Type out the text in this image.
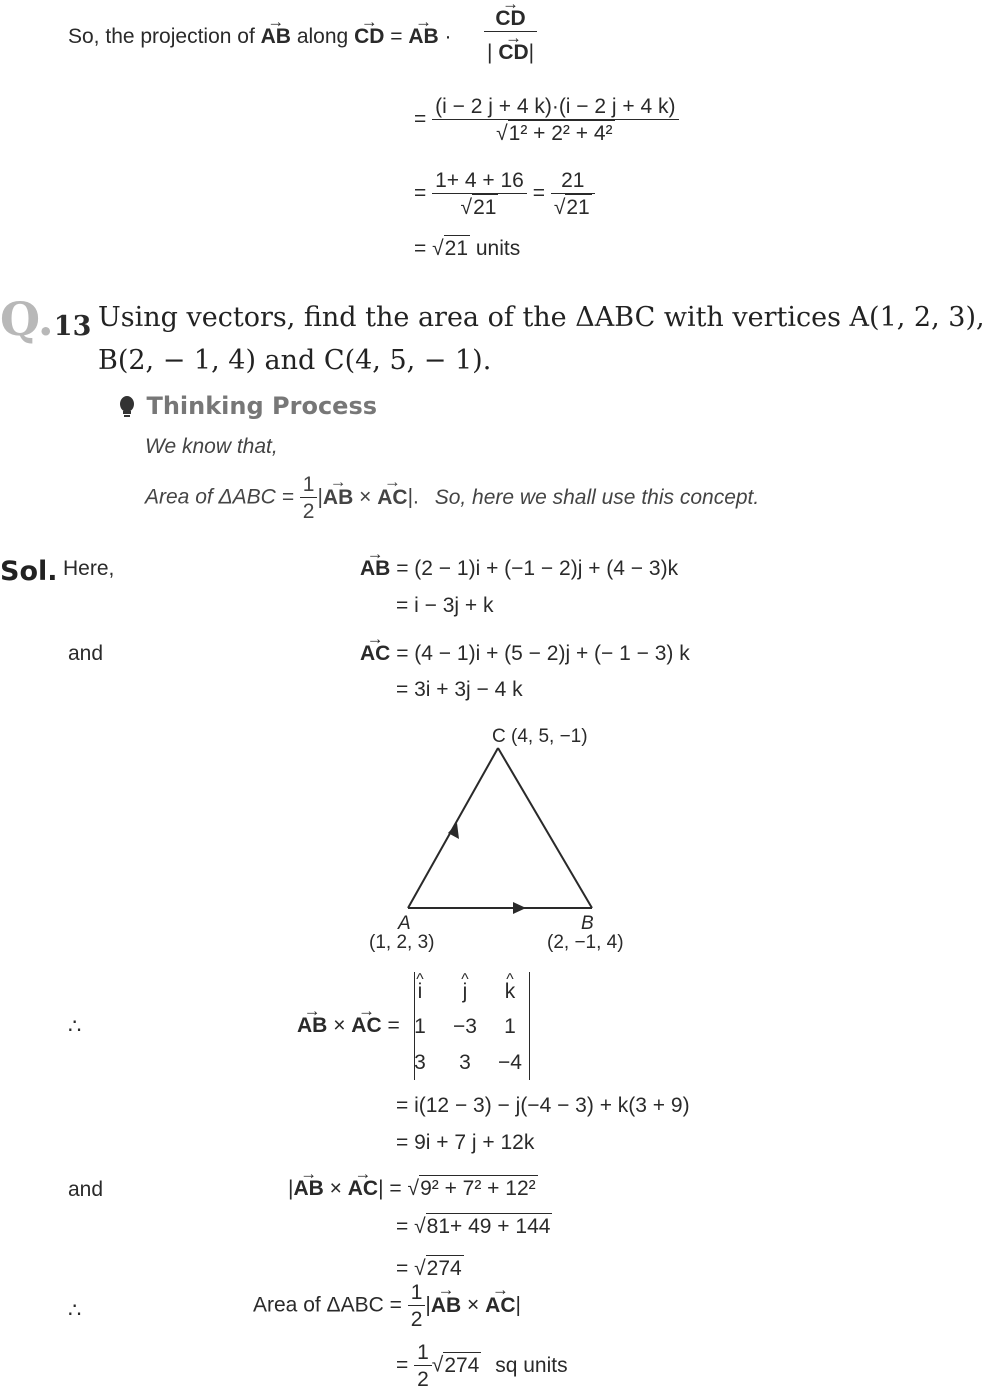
So, the projection of → AB along → CD = → AB · → $\frac{CD}{| \to CD|}$
= $\frac{(i - 2 j + 4 k)\cdot(i - 2 j + 4 k)}{\text{√1² + 2² + 4²}}$
= $\frac{1+ 4 + 16}{√21} = \frac{21}{√21}$
= √21 units
Q.13 Using vectors, find the area of the ΔABC with vertices A(1, 2, 3),
B(2, − 1, 4) and C(4, 5, − 1).
Thinking Process
We know that,
Area of $\Delta ABC = \frac{1}{2}$ |→ AB × → AC|. So, here we shall use this concept.
Sol. Here,	→ AB = (2 − 1)i + (−1 − 2)j + (4 − 3)k
= i − 3j + k
and	→ AC = (4 − 1)i + (5 − 2)j + (− 1 − 3) k
= 3i + 3j − 4 k
C (4, 5, −1)
A
(1, 2, 3)
B
(2, −1, 4)
∴	→ AB × → AC =
^ i	^ j	^ k
1	−3	1
3	3	−4
= i(12 − 3) − j(−4 − 3) + k(3 + 9)
= 9i + 7 j + 12k
and	|→ AB × → AC| = √9² + 7² + 12²
= √81+ 49 + 144
= √274
∴	Area of $\Delta ABC = \frac{1}{2}$ |→ AB × → AC|
= $\frac{1}{2} √274$ sq units
